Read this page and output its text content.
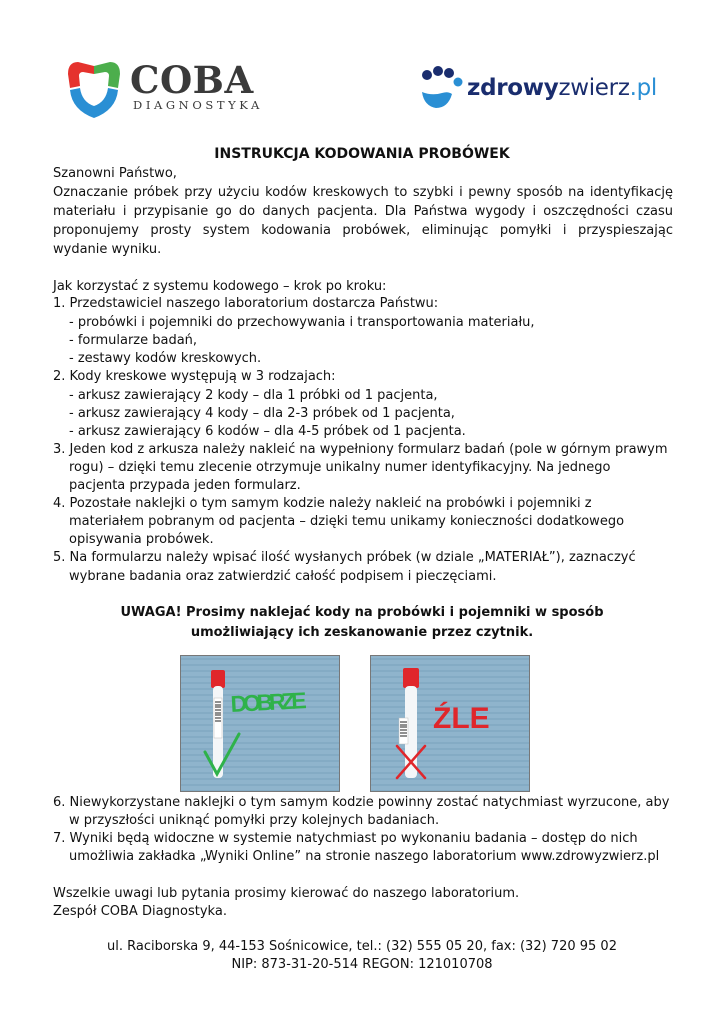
COBA
DIAGNOSTYKA
zdrowyzwierz.pl
INSTRUKCJA KODOWANIA PROBÓWEK
Szanowni Państwo,
Oznaczanie próbek przy użyciu kodów kreskowych to szybki i pewny sposób na identyfikację
materiału i przypisanie go do danych pacjenta. Dla Państwa wygody i oszczędności czasu
proponujemy prosty system kodowania probówek, eliminując pomyłki i przyspieszając
wydanie wyniku.
Jak korzystać z systemu kodowego – krok po kroku:
1. Przedstawiciel naszego laboratorium dostarcza Państwu:
- probówki i pojemniki do przechowywania i transportowania materiału,
- formularze badań,
- zestawy kodów kreskowych.
2. Kody kreskowe występują w 3 rodzajach:
- arkusz zawierający 2 kody – dla 1 próbki od 1 pacjenta,
- arkusz zawierający 4 kody – dla 2-3 próbek od 1 pacjenta,
- arkusz zawierający 6 kodów – dla 4-5 próbek od 1 pacjenta.
3. Jeden kod z arkusza należy nakleić na wypełniony formularz badań (pole w górnym prawym
rogu) – dzięki temu zlecenie otrzymuje unikalny numer identyfikacyjny. Na jednego
pacjenta przypada jeden formularz.
4. Pozostałe naklejki o tym samym kodzie należy nakleić na probówki i pojemniki z
materiałem pobranym od pacjenta – dzięki temu unikamy konieczności dodatkowego
opisywania probówek.
5. Na formularzu należy wpisać ilość wysłanych próbek (w dziale „MATERIAŁ”), zaznaczyć
wybrane badania oraz zatwierdzić całość podpisem i pieczęciami.
UWAGA! Prosimy naklejać kody na probówki i pojemniki w sposób
umożliwiający ich zeskanowanie przez czytnik.
DOBRZE
ŹLE
6. Niewykorzystane naklejki o tym samym kodzie powinny zostać natychmiast wyrzucone, aby
w przyszłości uniknąć pomyłki przy kolejnych badaniach.
7. Wyniki będą widoczne w systemie natychmiast po wykonaniu badania – dostęp do nich
umożliwia zakładka „Wyniki Online” na stronie naszego laboratorium www.zdrowyzwierz.pl
Wszelkie uwagi lub pytania prosimy kierować do naszego laboratorium.
Zespół COBA Diagnostyka.
ul. Raciborska 9, 44-153 Sośnicowice, tel.: (32) 555 05 20, fax: (32) 720 95 02
NIP: 873-31-20-514 REGON: 121010708
